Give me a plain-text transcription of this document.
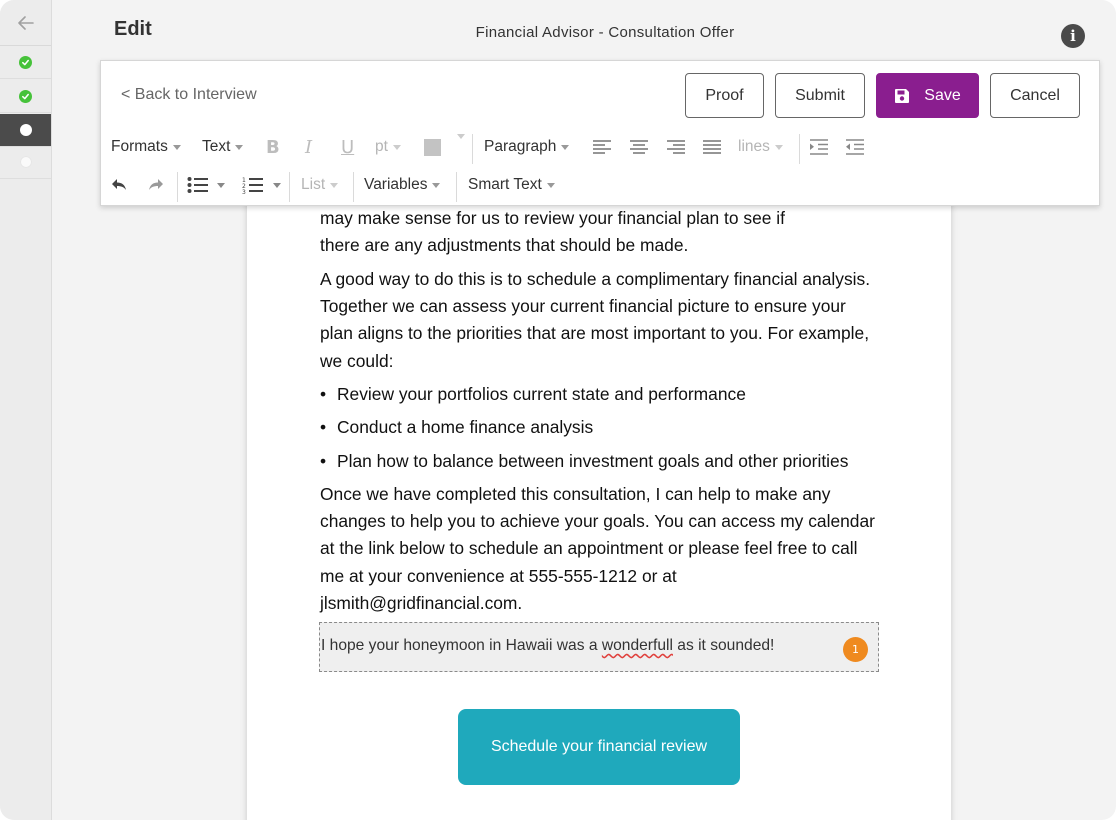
Edit	Financial Advisor - Consultation Offer	i
may make sense for us to review your financial plan to see if
there are any adjustments that should be made.
A good way to do this is to schedule a complimentary financial analysis. Together we can assess your current financial picture to ensure your plan aligns to the priorities that are most important to you. For example, we could:
• Review your portfolios current state and performance
• Conduct a home finance analysis
• Plan how to balance between investment goals and other priorities
Once we have completed this consultation, I can help to make any changes to help you to achieve your goals. You can access my calendar at the link below to schedule an appointment or please feel free to call me at your convenience at 555-555-1212 or at jlsmith@gridfinancial.com.
I hope your honeymoon in Hawaii was a wonderfull as it sounded!	1
Schedule your financial review
< Back to Interview	Proof	Submit	Save	Cancel
Formats Text B I U pt	Paragraph	lines
1
2
3	List	Variables	Smart Text
